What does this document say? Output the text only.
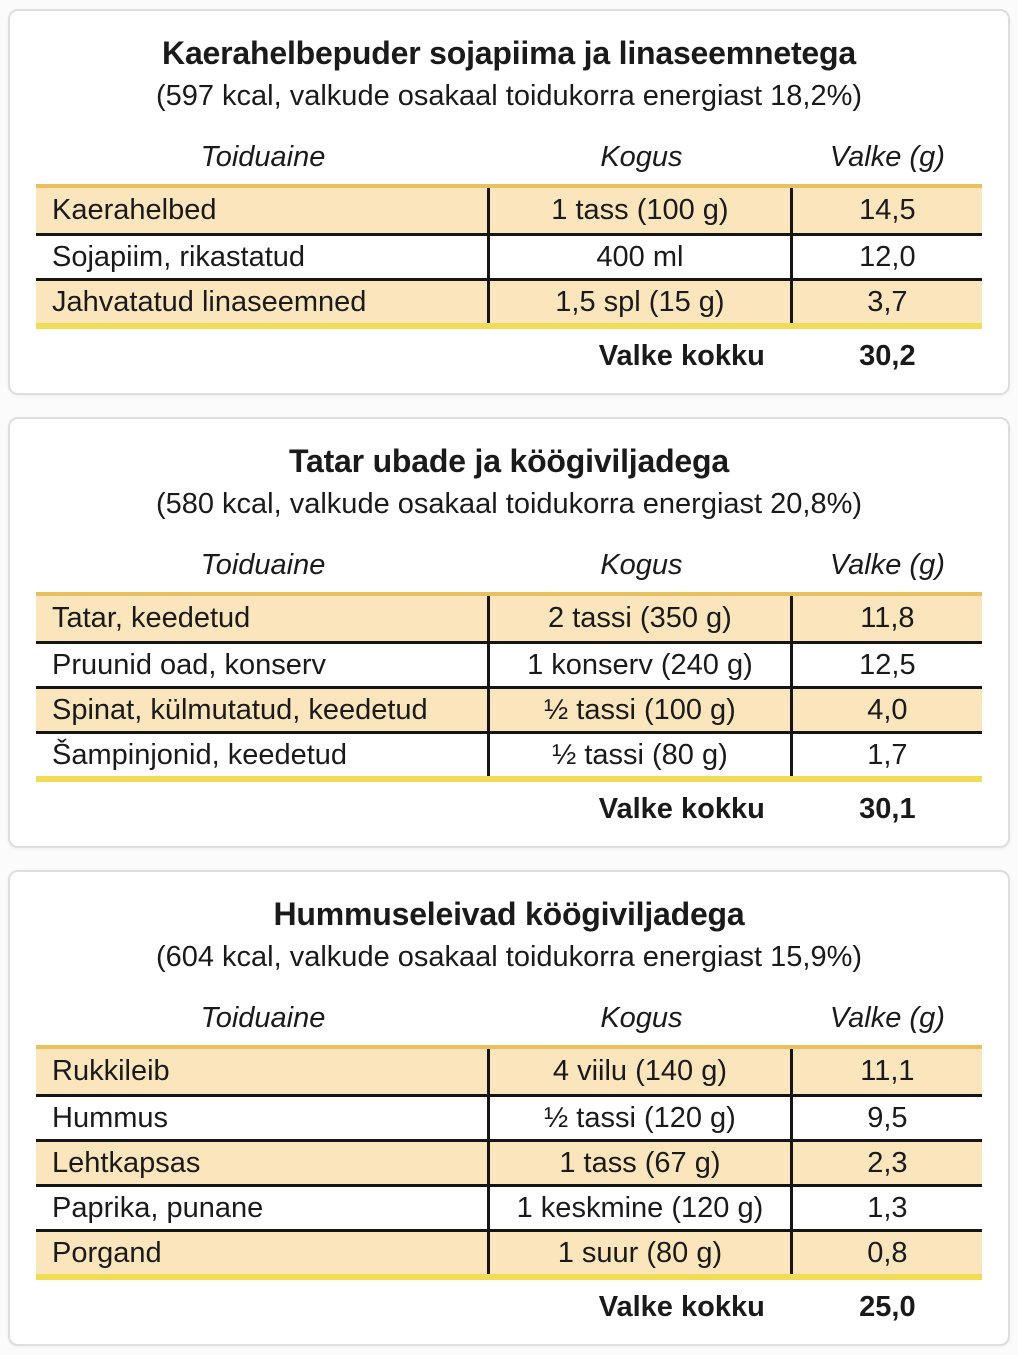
Kaerahelbepuder sojapiima ja linaseemnetega

(597 kcal, valkude osakaal toidukorra energiast 18,2%)

Toiduaine	Kogus	Valke (g)
Kaerahelbed	1 tass (100 g)	14,5
Sojapiim, rikastatud	400 ml	12,0
Jahvatatud linaseemned	1,5 spl (15 g)	3,7
Valke kokku	30,2
Tatar ubade ja köögiviljadega

(580 kcal, valkude osakaal toidukorra energiast 20,8%)

Toiduaine	Kogus	Valke (g)
Tatar, keedetud	2 tassi (350 g)	11,8
Pruunid oad, konserv	1 konserv (240 g)	12,5
Spinat, külmutatud, keedetud	½ tassi (100 g)	4,0
Šampinjonid, keedetud	½ tassi (80 g)	1,7
Valke kokku	30,1
Hummuseleivad köögiviljadega

(604 kcal, valkude osakaal toidukorra energiast 15,9%)

Toiduaine	Kogus	Valke (g)
Rukkileib	4 viilu (140 g)	11,1
Hummus	½ tassi (120 g)	9,5
Lehtkapsas	1 tass (67 g)	2,3
Paprika, punane	1 keskmine (120 g)	1,3
Porgand	1 suur (80 g)	0,8
Valke kokku	25,0
